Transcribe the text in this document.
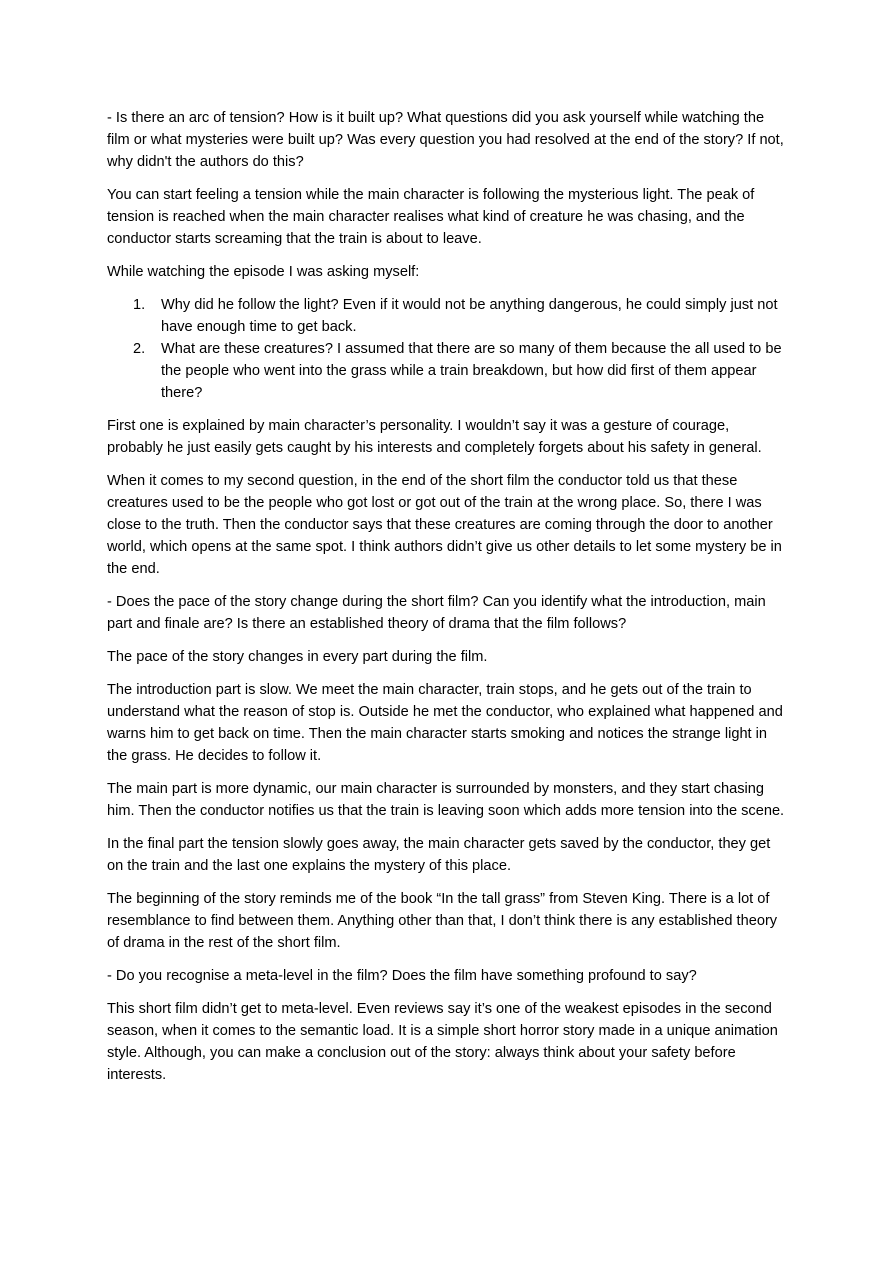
- Is there an arc of tension? How is it built up? What questions did you ask yourself while watching the film or what mysteries were built up? Was every question you had resolved at the end of the story? If not, why didn't the authors do this?

You can start feeling a tension while the main character is following the mysterious light. The peak of tension is reached when the main character realises what kind of creature he was chasing, and the conductor starts screaming that the train is about to leave.

While watching the episode I was asking myself:

1. Why did he follow the light? Even if it would not be anything dangerous, he could simply just not have enough time to get back.
2. What are these creatures? I assumed that there are so many of them because the all used to be the people who went into the grass while a train breakdown, but how did first of them appear there?

First one is explained by main character’s personality. I wouldn’t say it was a gesture of courage, probably he just easily gets caught by his interests and completely forgets about his safety in general.

When it comes to my second question, in the end of the short film the conductor told us that these creatures used to be the people who got lost or got out of the train at the wrong place. So, there I was close to the truth. Then the conductor says that these creatures are coming through the door to another world, which opens at the same spot. I think authors didn’t give us other details to let some mystery be in the end.

- Does the pace of the story change during the short film? Can you identify what the introduction, main part and finale are? Is there an established theory of drama that the film follows?

The pace of the story changes in every part during the film.

The introduction part is slow. We meet the main character, train stops, and he gets out of the train to understand what the reason of stop is. Outside he met the conductor, who explained what happened and warns him to get back on time. Then the main character starts smoking and notices the strange light in the grass. He decides to follow it.

The main part is more dynamic, our main character is surrounded by monsters, and they start chasing him. Then the conductor notifies us that the train is leaving soon which adds more tension into the scene.

In the final part the tension slowly goes away, the main character gets saved by the conductor, they get on the train and the last one explains the mystery of this place.

The beginning of the story reminds me of the book “In the tall grass” from Steven King. There is a lot of resemblance to find between them. Anything other than that, I don’t think there is any established theory of drama in the rest of the short film.

- Do you recognise a meta-level in the film? Does the film have something profound to say?

This short film didn’t get to meta-level. Even reviews say it’s one of the weakest episodes in the second season, when it comes to the semantic load. It is a simple short horror story made in a unique animation style. Although, you can make a conclusion out of the story: always think about your safety before interests.
